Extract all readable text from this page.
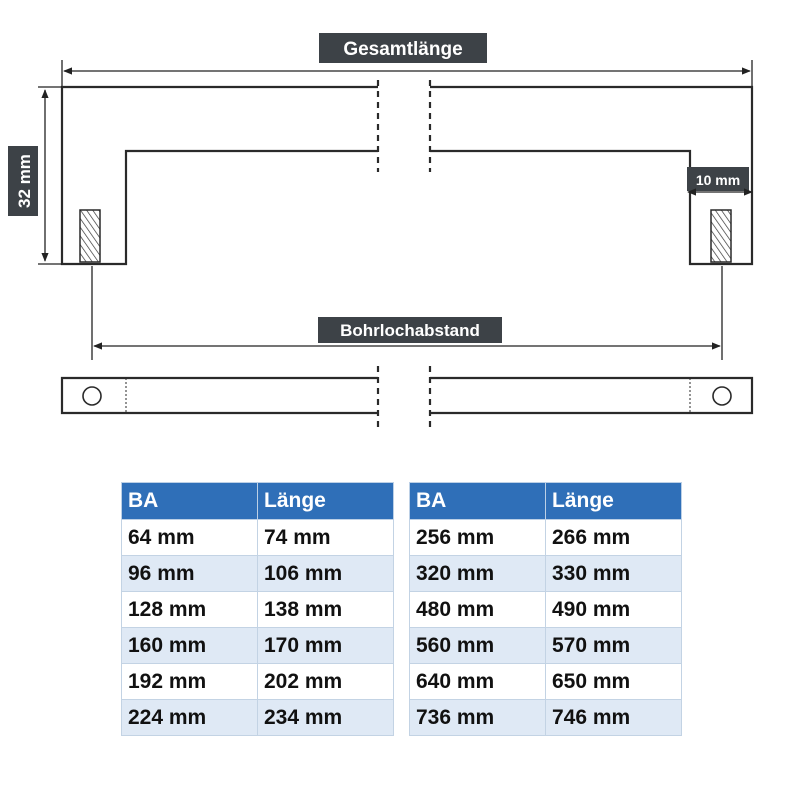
Gesamtlänge
32 mm	10 mm
Bohrlochabstand
BA	Länge
64 mm	74 mm
96 mm	106 mm
128 mm	138 mm
160 mm	170 mm
192 mm	202 mm
224 mm	234 mm
BA	Länge
256 mm	266 mm
320 mm	330 mm
480 mm	490 mm
560 mm	570 mm
640 mm	650 mm
736 mm	746 mm
